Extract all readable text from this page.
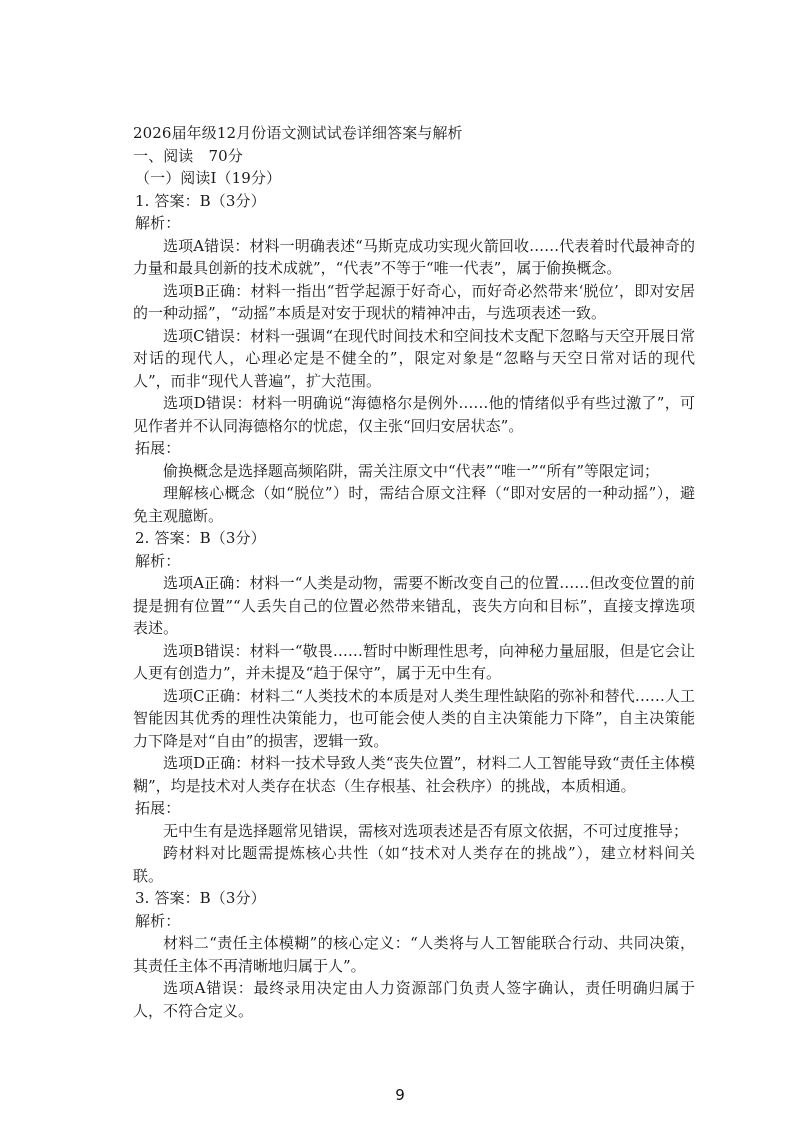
2026届年级12月份语文测试试卷详细答案与解析
一、阅读　70分
（一）阅读Ⅰ（19分）
1. 答案：B（3分）
解析：

选项A错误：材料一明确表述“马斯克成功实现火箭回收……代表着时代最神奇的力量和最具创新的技术成就”，“代表”不等于“唯一代表”，属于偷换概念。

选项B正确：材料一指出“哲学起源于好奇心，而好奇必然带来‘脱位’，即对安居的一种动摇”，“动摇”本质是对安于现状的精神冲击，与选项表述一致。

选项C错误：材料一强调“在现代时间技术和空间技术支配下忽略与天空开展日常对话的现代人，心理必定是不健全的”，限定对象是“忽略与天空日常对话的现代人”，而非“现代人普遍”，扩大范围。

选项D错误：材料一明确说“海德格尔是例外……他的情绪似乎有些过激了”，可见作者并不认同海德格尔的忧虑，仅主张“回归安居状态”。

拓展：

偷换概念是选择题高频陷阱，需关注原文中“代表”“唯一”“所有”等限定词；

理解核心概念（如“脱位”）时，需结合原文注释（“即对安居的一种动摇”），避免主观臆断。

2. 答案：B（3分）
解析：

选项A正确：材料一“人类是动物，需要不断改变自己的位置……但改变位置的前提是拥有位置”“人丢失自己的位置必然带来错乱，丧失方向和目标”，直接支撑选项表述。

选项B错误：材料一“敬畏……暂时中断理性思考，向神秘力量屈服，但是它会让人更有创造力”，并未提及“趋于保守”，属于无中生有。

选项C正确：材料二“人类技术的本质是对人类生理性缺陷的弥补和替代……人工智能因其优秀的理性决策能力，也可能会使人类的自主决策能力下降”，自主决策能力下降是对“自由”的损害，逻辑一致。

选项D正确：材料一技术导致人类“丧失位置”，材料二人工智能导致“责任主体模糊”，均是技术对人类存在状态（生存根基、社会秩序）的挑战，本质相通。

拓展：

无中生有是选择题常见错误，需核对选项表述是否有原文依据，不可过度推导；

跨材料对比题需提炼核心共性（如“技术对人类存在的挑战”），建立材料间关联。

3. 答案：B（3分）
解析：

材料二“责任主体模糊”的核心定义：“人类将与人工智能联合行动、共同决策，其责任主体不再清晰地归属于人”。

选项A错误：最终录用决定由人力资源部门负责人签字确认，责任明确归属于人，不符合定义。

9
